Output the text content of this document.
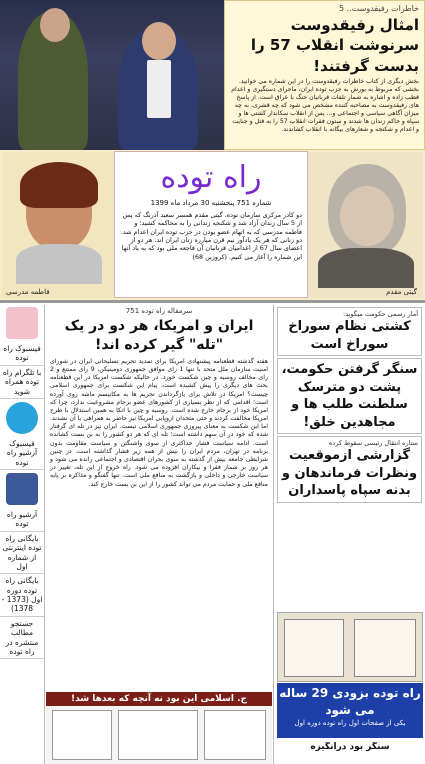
خاطرات رفیقدوست.. 5
امثال رفیقدوست سرنوشت انقلاب 57 را بدست گرفتند!
بخش دیگری از کتاب خاطرات رفیقدوست را در این شماره می خوانید. بخشی که مربوط به یورش به حزب توده ایران، ماجرای دستگیری و اعدام قطب زاده و اشاره به شمار تلفات قربانیان جنگ با عراق است. از پاسخ های رفیقدوست به مصاحبه کننده مشخص می شود که چه قشری، به چه میزان آگاهی سیاسی و اجتماعی و... پس از انقلاب سکاندار کشتی ها و سپاه و حاکم زندان ها شدند و ستون فقرات انقلاب 57 را به قتل و جنایت و اعدام و شکنجه و شعارهای بیگانه با انقلاب کشاندند.
فاطمه مدرسی
راه توده
شماره 751 پنجشنبه 30 مرداد ماه 1399
دو کادر مرکزی سازمان توده، گیتی مقدم همسر سعید آذرنگ که پس از 5 سال زندان آزاد شد و شکنجه زندانی را به محاکمه کشید؛ و فاطمه مدرسی که به اتهام عضو بودن در حزب توده ایران اعدام شد. دو زنانی که هر یک یادآور نیم قرن مبارزه زنان ایران اند. هر دو از اعضای سال 67 ار اعدامیان قربانیان آن فاجعه ملی بود که به یاد آنها این شماره را آغاز می کنیم. (کروزین 68)
گیتی مقدم
فیسبوک راه توده
با تلگرام راه توده همراه شوید
فیسبوک آرشیو راه توده
آرشیو راه توده
بایگانی راه توده اینترنتی از شماره اول
بایگانی راه توده دوره اول (1373 - 1378)
جستجو مطالب منتشره در راه توده
سرمقاله راه توده 751
ایران و امریکا، هر دو در یک "تله" گیر کرده اند!
هفته گذشته قطعنامه پیشنهادی امریکا برای تمدید تحریم تسلیحاتی ایران در شورای امنیت سازمان ملل متحد با تنها 1 رای موافق جمهوری دومینیکن، 9 رای ممتنع و 2 رای مخالف روسیه و چین شکست خورد. در حالیکه شکست امریکا در این قطعنامه بحث های دیگری را پیش کشیده است، پیام این شکست برای جمهوری اسلامی چیست؟ امریکا در تلاش برای بازگرداندن تحریم ها به مکانیسم ماشه روی آورده است؛ اقدامی که از نظر بسیاری از کشورهای عضو برجام مشروعیت ندارد، چرا که امریکا خود از برجام خارج شده است. روسیه و چین با اتکا به همین استدلال با طرح امریکا مخالفت کردند و حتی متحدان اروپایی امریکا نیز حاضر به همراهی با آن نشدند. اما این شکست به معنای پیروزی جمهوری اسلامی نیست. ایران نیز در تله ای گرفتار شده که خود در آن سهم داشته است؛ تله ای که هر دو کشور را به بن بست کشانده است. ادامه سیاست فشار حداکثری از سوی واشنگتن و سیاست مقاومت بدون برنامه در تهران، مردم ایران را بیش از همه زیر فشار گذاشته است. در چنین شرایطی جامعه بیش از گذشته به سوی بحران اقتصادی و اجتماعی رانده می شود و هر روز بر شمار فقرا و بیکاران افزوده می شود. راه خروج از این تله، تغییر در سیاست خارجی و داخلی و بازگشت به منافع ملی است. تنها گفتگو و مذاکره بر پایه منافع ملی و حمایت مردم می تواند کشور را از این بن بست خارج کند.
ج. اسلامی این بود نه آنچه که بعدها شد!
آمار رسمی حکومت میگوید:
کشتی نظام سوراخ سوراخ است
سنگر گرفتن حکومت، پشت دو مترسک سلطنت طلب ها و مجاهدین خلق!
ستاره انتقال رئیسی سقوط کرده
گزارشی ازموقعیت ونظرات فرماندهان و بدنه سپاه پاسداران
راه توده بزودی 29 ساله می شود
یکی از صفحات اول راه توده دوره اول
سنگر بود درانگیزه
